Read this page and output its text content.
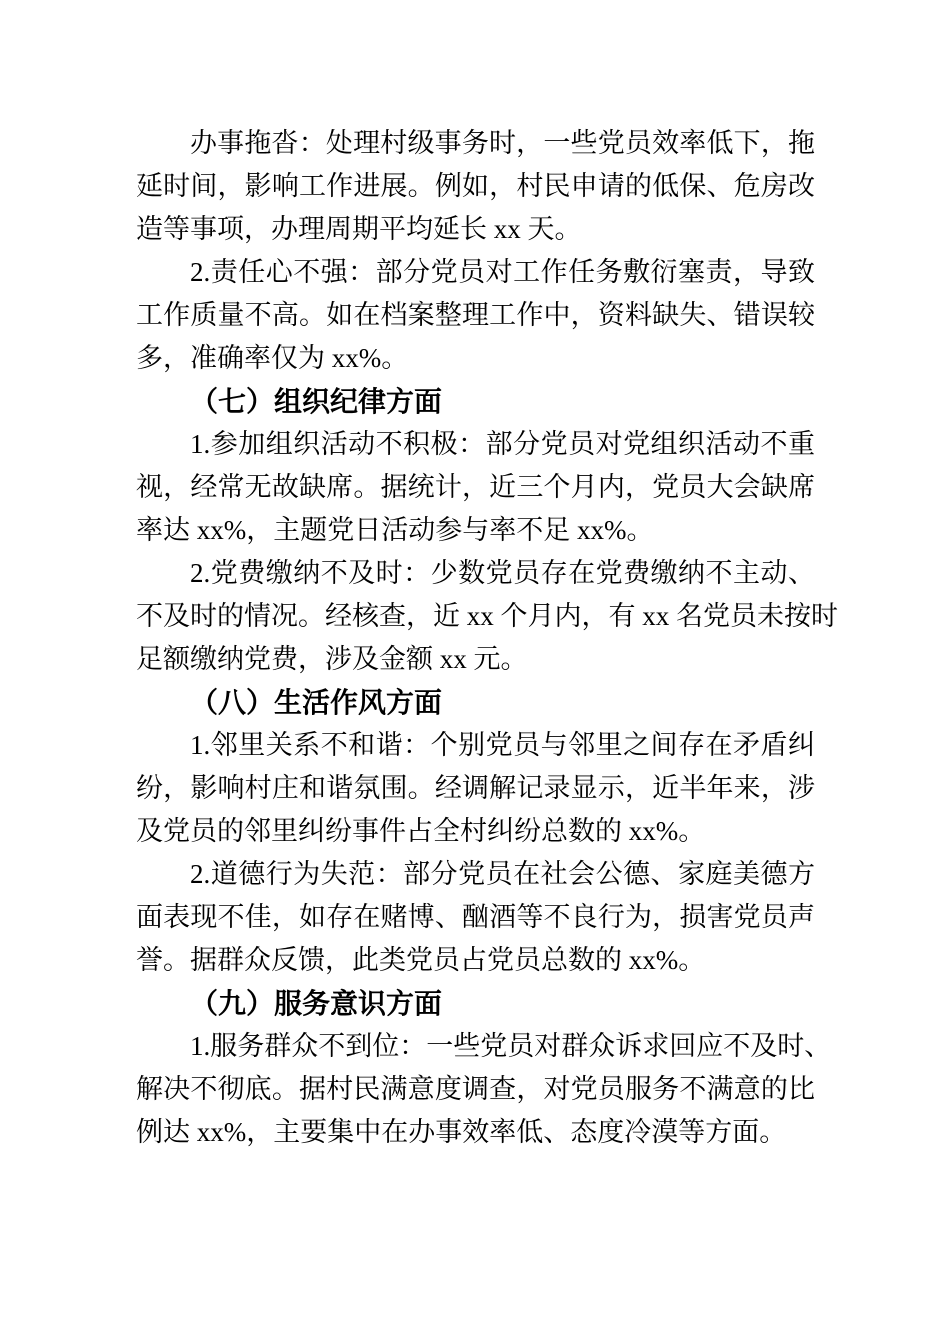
办事拖沓：处理村级事务时，一些党员效率低下，拖
延时间，影响工作进展。例如，村民申请的低保、危房改
造等事项，办理周期平均延长 xx 天。
2.责任心不强：部分党员对工作任务敷衍塞责，导致
工作质量不高。如在档案整理工作中，资料缺失、错误较
多，准确率仅为 xx%。
（七）组织纪律方面
1.参加组织活动不积极：部分党员对党组织活动不重
视，经常无故缺席。据统计，近三个月内，党员大会缺席
率达 xx%，主题党日活动参与率不足 xx%。
2.党费缴纳不及时：少数党员存在党费缴纳不主动、
不及时的情况。经核查，近 xx 个月内，有 xx 名党员未按时
足额缴纳党费，涉及金额 xx 元。
（八）生活作风方面
1.邻里关系不和谐：个别党员与邻里之间存在矛盾纠
纷，影响村庄和谐氛围。经调解记录显示，近半年来，涉
及党员的邻里纠纷事件占全村纠纷总数的 xx%。
2.道德行为失范：部分党员在社会公德、家庭美德方
面表现不佳，如存在赌博、酗酒等不良行为，损害党员声
誉。据群众反馈，此类党员占党员总数的 xx%。
（九）服务意识方面
1.服务群众不到位：一些党员对群众诉求回应不及时、
解决不彻底。据村民满意度调查，对党员服务不满意的比
例达 xx%，主要集中在办事效率低、态度冷漠等方面。
